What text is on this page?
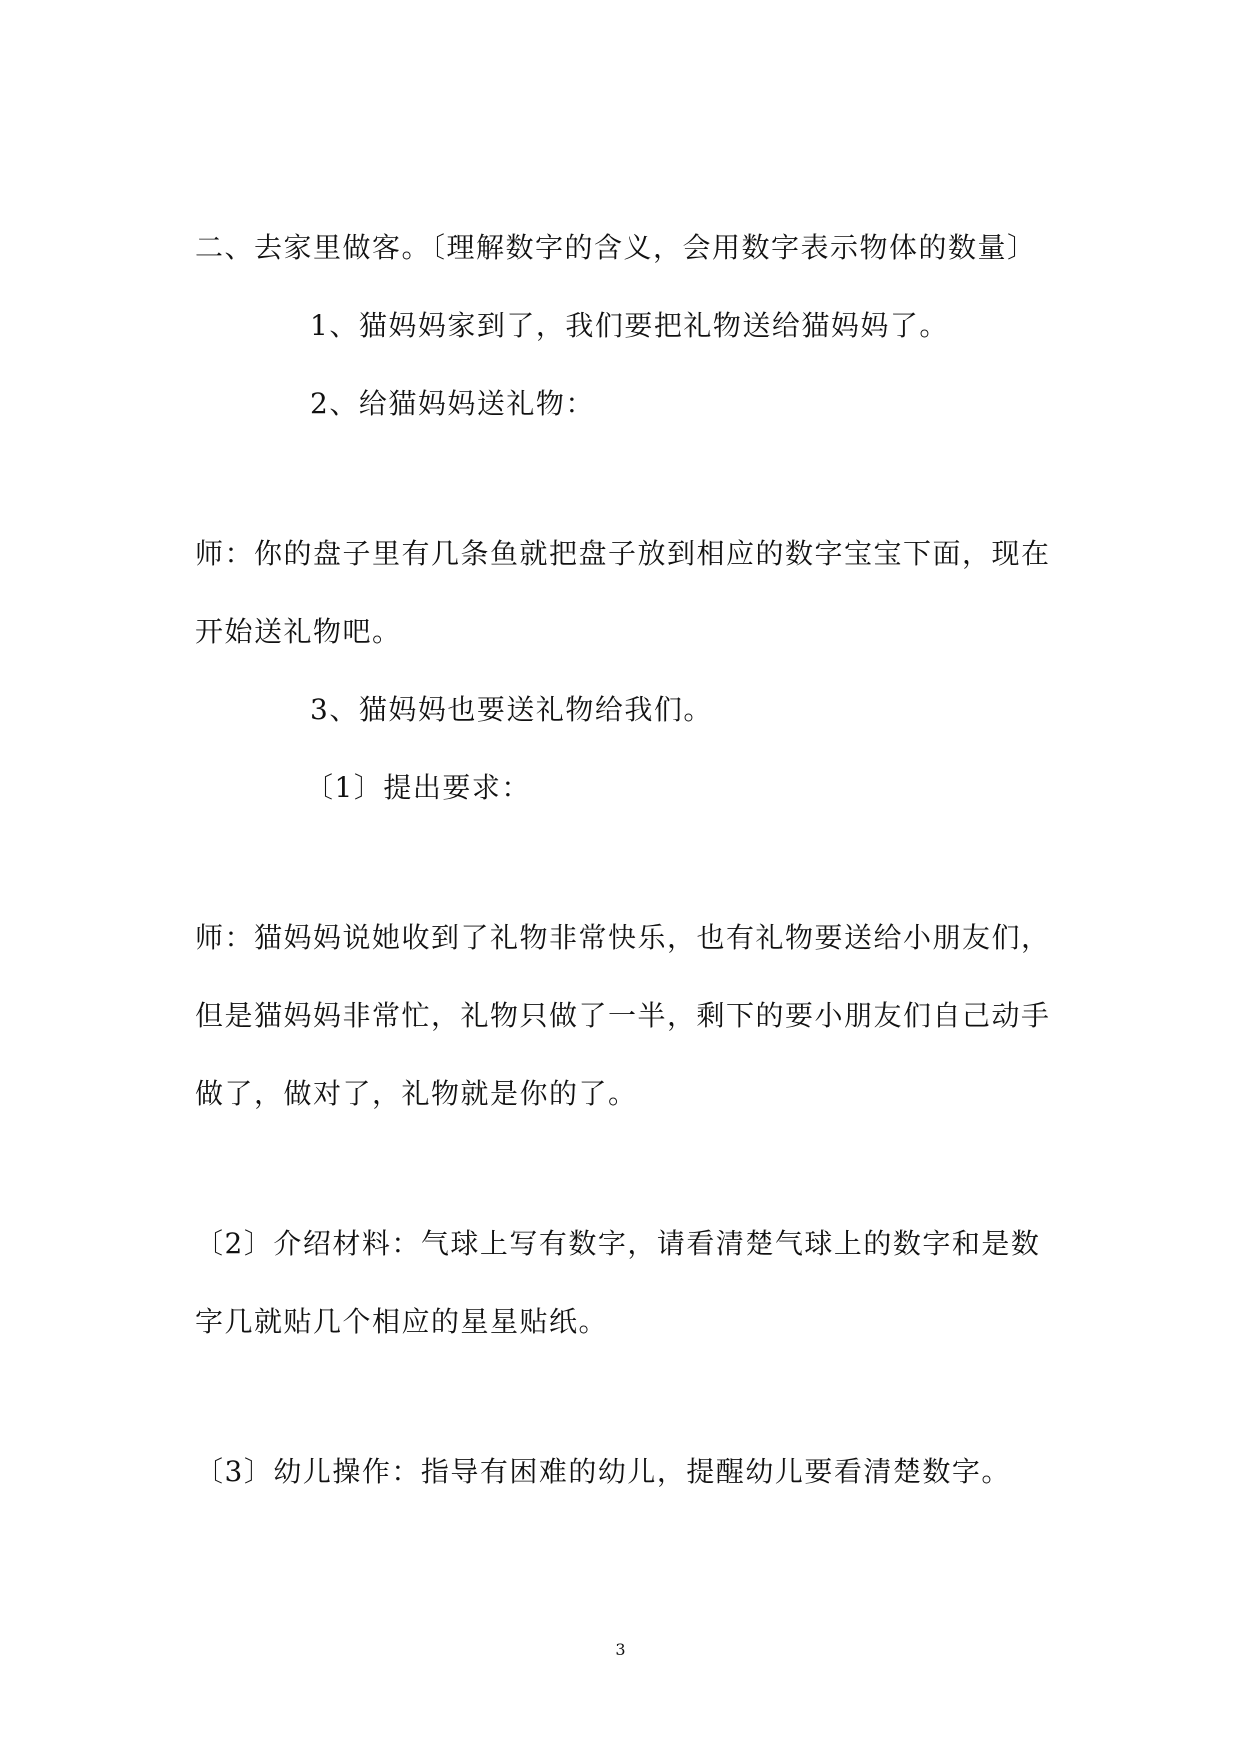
二、去家里做客。〔理解数字的含义，会用数字表示物体的数量〕
1、猫妈妈家到了，我们要把礼物送给猫妈妈了。
2、给猫妈妈送礼物：
师：你的盘子里有几条鱼就把盘子放到相应的数字宝宝下面，现在
开始送礼物吧。
3、猫妈妈也要送礼物给我们。
〔1〕提出要求：
师：猫妈妈说她收到了礼物非常快乐，也有礼物要送给小朋友们，
但是猫妈妈非常忙，礼物只做了一半，剩下的要小朋友们自己动手
做了，做对了，礼物就是你的了。
〔2〕介绍材料：气球上写有数字，请看清楚气球上的数字和是数
字几就贴几个相应的星星贴纸。
〔3〕幼儿操作：指导有困难的幼儿，提醒幼儿要看清楚数字。
3
